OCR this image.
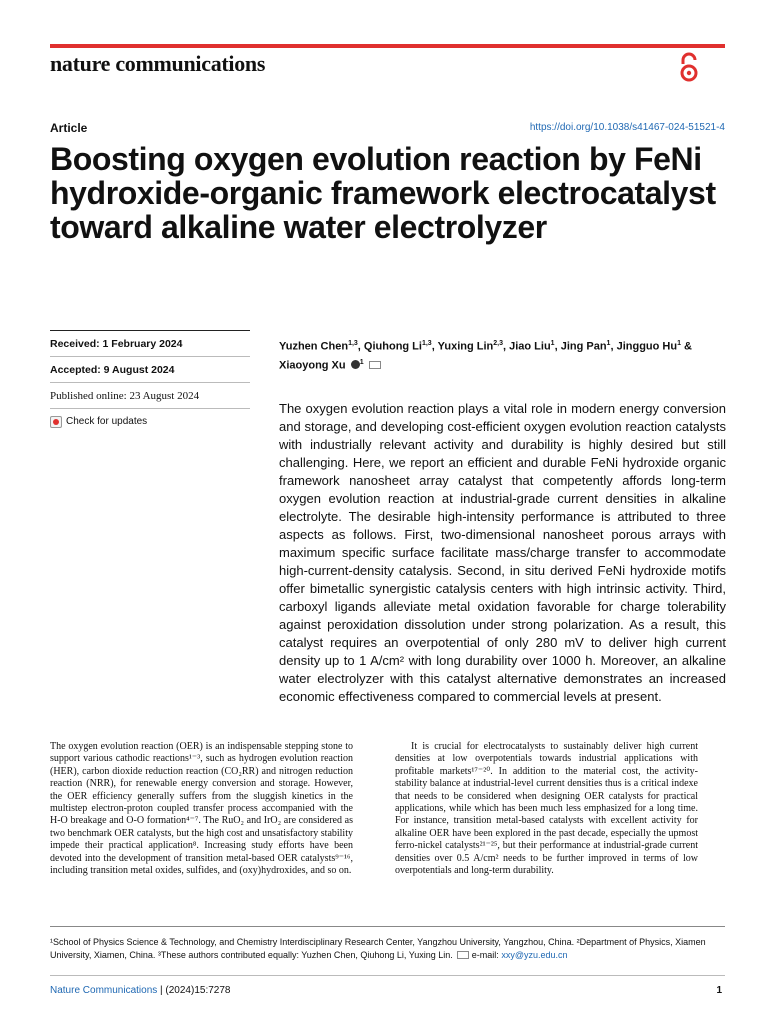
nature communications
Article	https://doi.org/10.1038/s41467-024-51521-4
Boosting oxygen evolution reaction by FeNi hydroxide-organic framework electrocatalyst toward alkaline water electrolyzer
Received: 1 February 2024
Accepted: 9 August 2024
Published online: 23 August 2024
Check for updates
Yuzhen Chen$^{1,3}$, Qiuhong Li$^{1,3}$, Yuxing Lin$^{2,3}$, Jiao Liu$^1$, Jing Pan$^1$, Jingguo Hu$^1$ &
Xiaoyong Xu $^1$

The oxygen evolution reaction plays a vital role in modern energy conversion and storage, and developing cost-efficient oxygen evolution reaction catalysts with industrially relevant activity and durability is highly desired but still challenging. Here, we report an efficient and durable FeNi hydroxide organic framework nanosheet array catalyst that competently affords long-term oxygen evolution reaction at industrial-grade current densities in alkaline electrolyte. The desirable high-intensity performance is attributed to three aspects as follows. First, two-dimensional nanosheet porous arrays with maximum specific surface facilitate mass/charge transfer to accommodate high-current-density catalysis. Second, in situ derived FeNi hydroxide motifs offer bimetallic synergistic catalysis centers with high intrinsic activity. Third, carboxyl ligands alleviate metal oxidation favorable for charge tolerability against peroxidation dissolution under strong polarization. As a result, this catalyst requires an overpotential of only 280 mV to deliver high current density up to 1 A/cm² with long durability over 1000 h. Moreover, an alkaline water electrolyzer with this catalyst alternative demonstrates an increased economic effectiveness compared to commercial levels at present.

The oxygen evolution reaction (OER) is an indispensable stepping stone to support various cathodic reactions¹⁻³, such as hydrogen evolution reaction (HER), carbon dioxide reduction reaction (CO₂RR) and nitrogen reduction reaction (NRR), for renewable energy conversion and storage. However, the OER efficiency generally suffers from the sluggish kinetics in the multistep electron-proton coupled transfer process accompanied with the H-O breakage and O-O formation⁴⁻⁷. The RuO₂ and IrO₂ are considered as two benchmark OER catalysts, but the high cost and unsatisfactory stability impede their practical application⁸. Increasing study efforts have been devoted into the development of transition metal-based OER catalysts⁹⁻¹⁶, including transition metal oxides, sulfides, and (oxy)hydroxides, and so on.

It is crucial for electrocatalysts to sustainably deliver high current densities at low overpotentials towards industrial applications with profitable markets¹⁷⁻²⁰. In addition to the material cost, the activity-stability balance at industrial-level current densities thus is a critical indexe that needs to be considered when designing OER catalysts for practical applications, while which has been much less emphasized for a long time. For instance, transition metal-based catalysts with excellent activity for alkaline OER have been explored in the past decade, especially the upmost ferro-nickel catalysts²¹⁻²⁵, but their performance at industrial-grade current densities over 0.5 A/cm² needs to be further improved in terms of low overpotentials and long-term durability.

¹School of Physics Science & Technology, and Chemistry Interdisciplinary Research Center, Yangzhou University, Yangzhou, China. ²Department of Physics, Xiamen University, Xiamen, China. ³These authors contributed equally: Yuzhen Chen, Qiuhong Li, Yuxing Lin. e-mail: xxy@yzu.edu.cn
Nature Communications | (2024)15:7278	1
